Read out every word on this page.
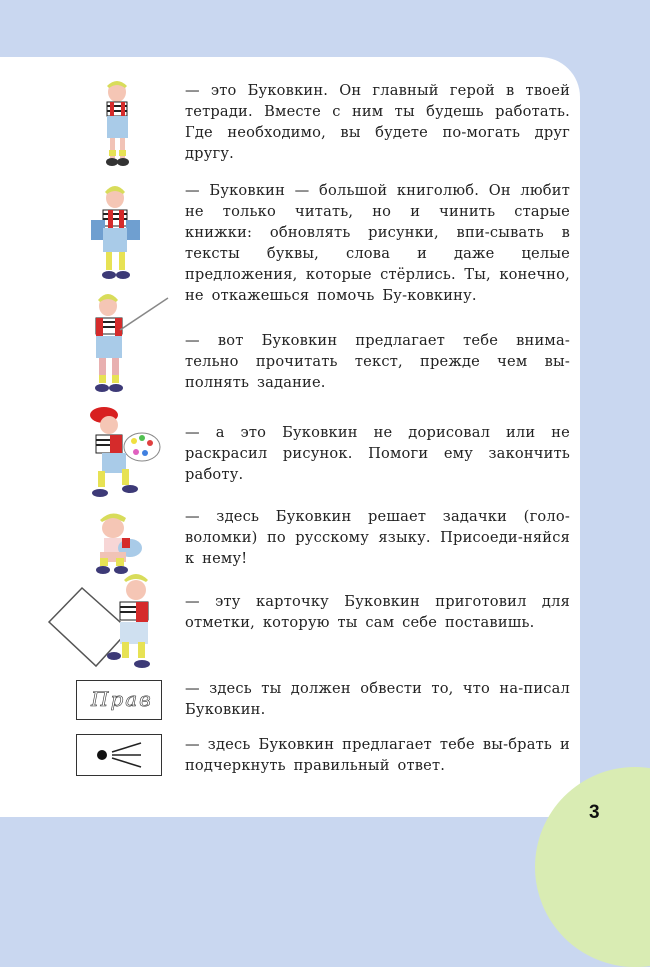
3
Прав
— это Буковкин. Он главный герой в твоей тетради. Вместе с ним ты будешь работать. Где необходимо, вы будете по-могать друг другу.
— Буковкин — большой книголюб. Он любит не только читать, но и чинить старые книжки: обновлять рисунки, впи-сывать в тексты буквы, слова и даже целые предложения, которые стёрлись. Ты, конечно, не откажешься помочь Бу-ковкину.
— вот Буковкин предлагает тебе внима-тельно прочитать текст, прежде чем вы-полнять задание.
— а это Буковкин не дорисовал или не раскрасил рисунок. Помоги ему закончить работу.
— здесь Буковкин решает задачки (голо-воломки) по русскому языку. Присоеди-няйся к нему!
— эту карточку Буковкин приготовил для отметки, которую ты сам себе поставишь.
— здесь ты должен обвести то, что на-писал Буковкин.
— здесь Буковкин предлагает тебе вы-брать и подчеркнуть правильный ответ.
